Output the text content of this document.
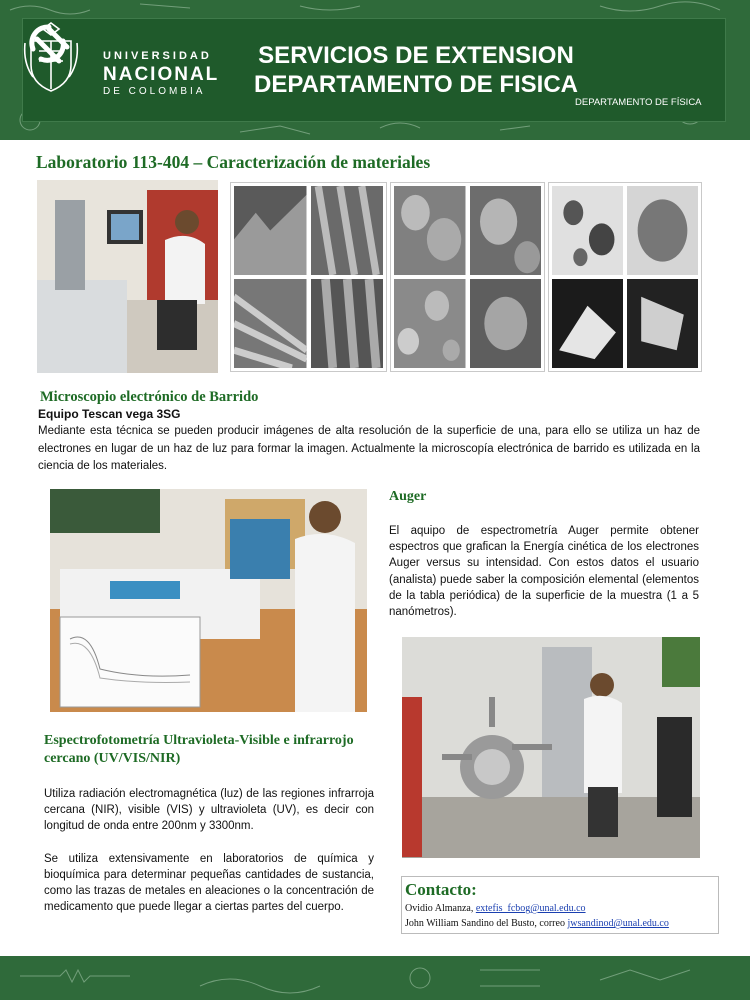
UNIVERSIDAD
NACIONAL
DE COLOMBIA
SERVICIOS DE EXTENSION
DEPARTAMENTO DE FISICA
DEPARTAMENTO DE FÍSICA
Laboratorio 113-404 – Caracterización de materiales
Microscopio electrónico de Barrido
Equipo Tescan vega 3SG
Mediante esta técnica se pueden producir imágenes de alta resolución de la superficie de una, para ello se utiliza un haz de electrones en lugar de un haz de luz para formar la imagen. Actualmente la microscopía electrónica de barrido es utilizada en la ciencia de los materiales.
Auger
El aquipo de espectrometría Auger permite obtener espectros que grafican la Energía cinética de los electrones Auger versus su intensidad. Con estos datos el usuario (analista) puede saber la composición elemental (elementos de la tabla periódica) de la superficie de la muestra (1 a 5 nanómetros).
Espectrofotometría Ultravioleta-Visible e infrarrojo cercano (UV/VIS/NIR)

Utiliza radiación electromagnética (luz) de las regiones infrarroja cercana (NIR), visible (VIS) y ultravioleta (UV), es decir con longitud de onda entre 200nm y 3300nm.

Se utiliza extensivamente en laboratorios de química y bioquímica para determinar pequeñas cantidades de sustancia, como las trazas de metales en aleaciones o la concentración de medicamento que puede llegar a ciertas partes del cuerpo.

Contacto:
Ovidio Almanza, extefis_fcbog@unal.edu.co
John William Sandino del Busto, correo jwsandinod@unal.edu.co
